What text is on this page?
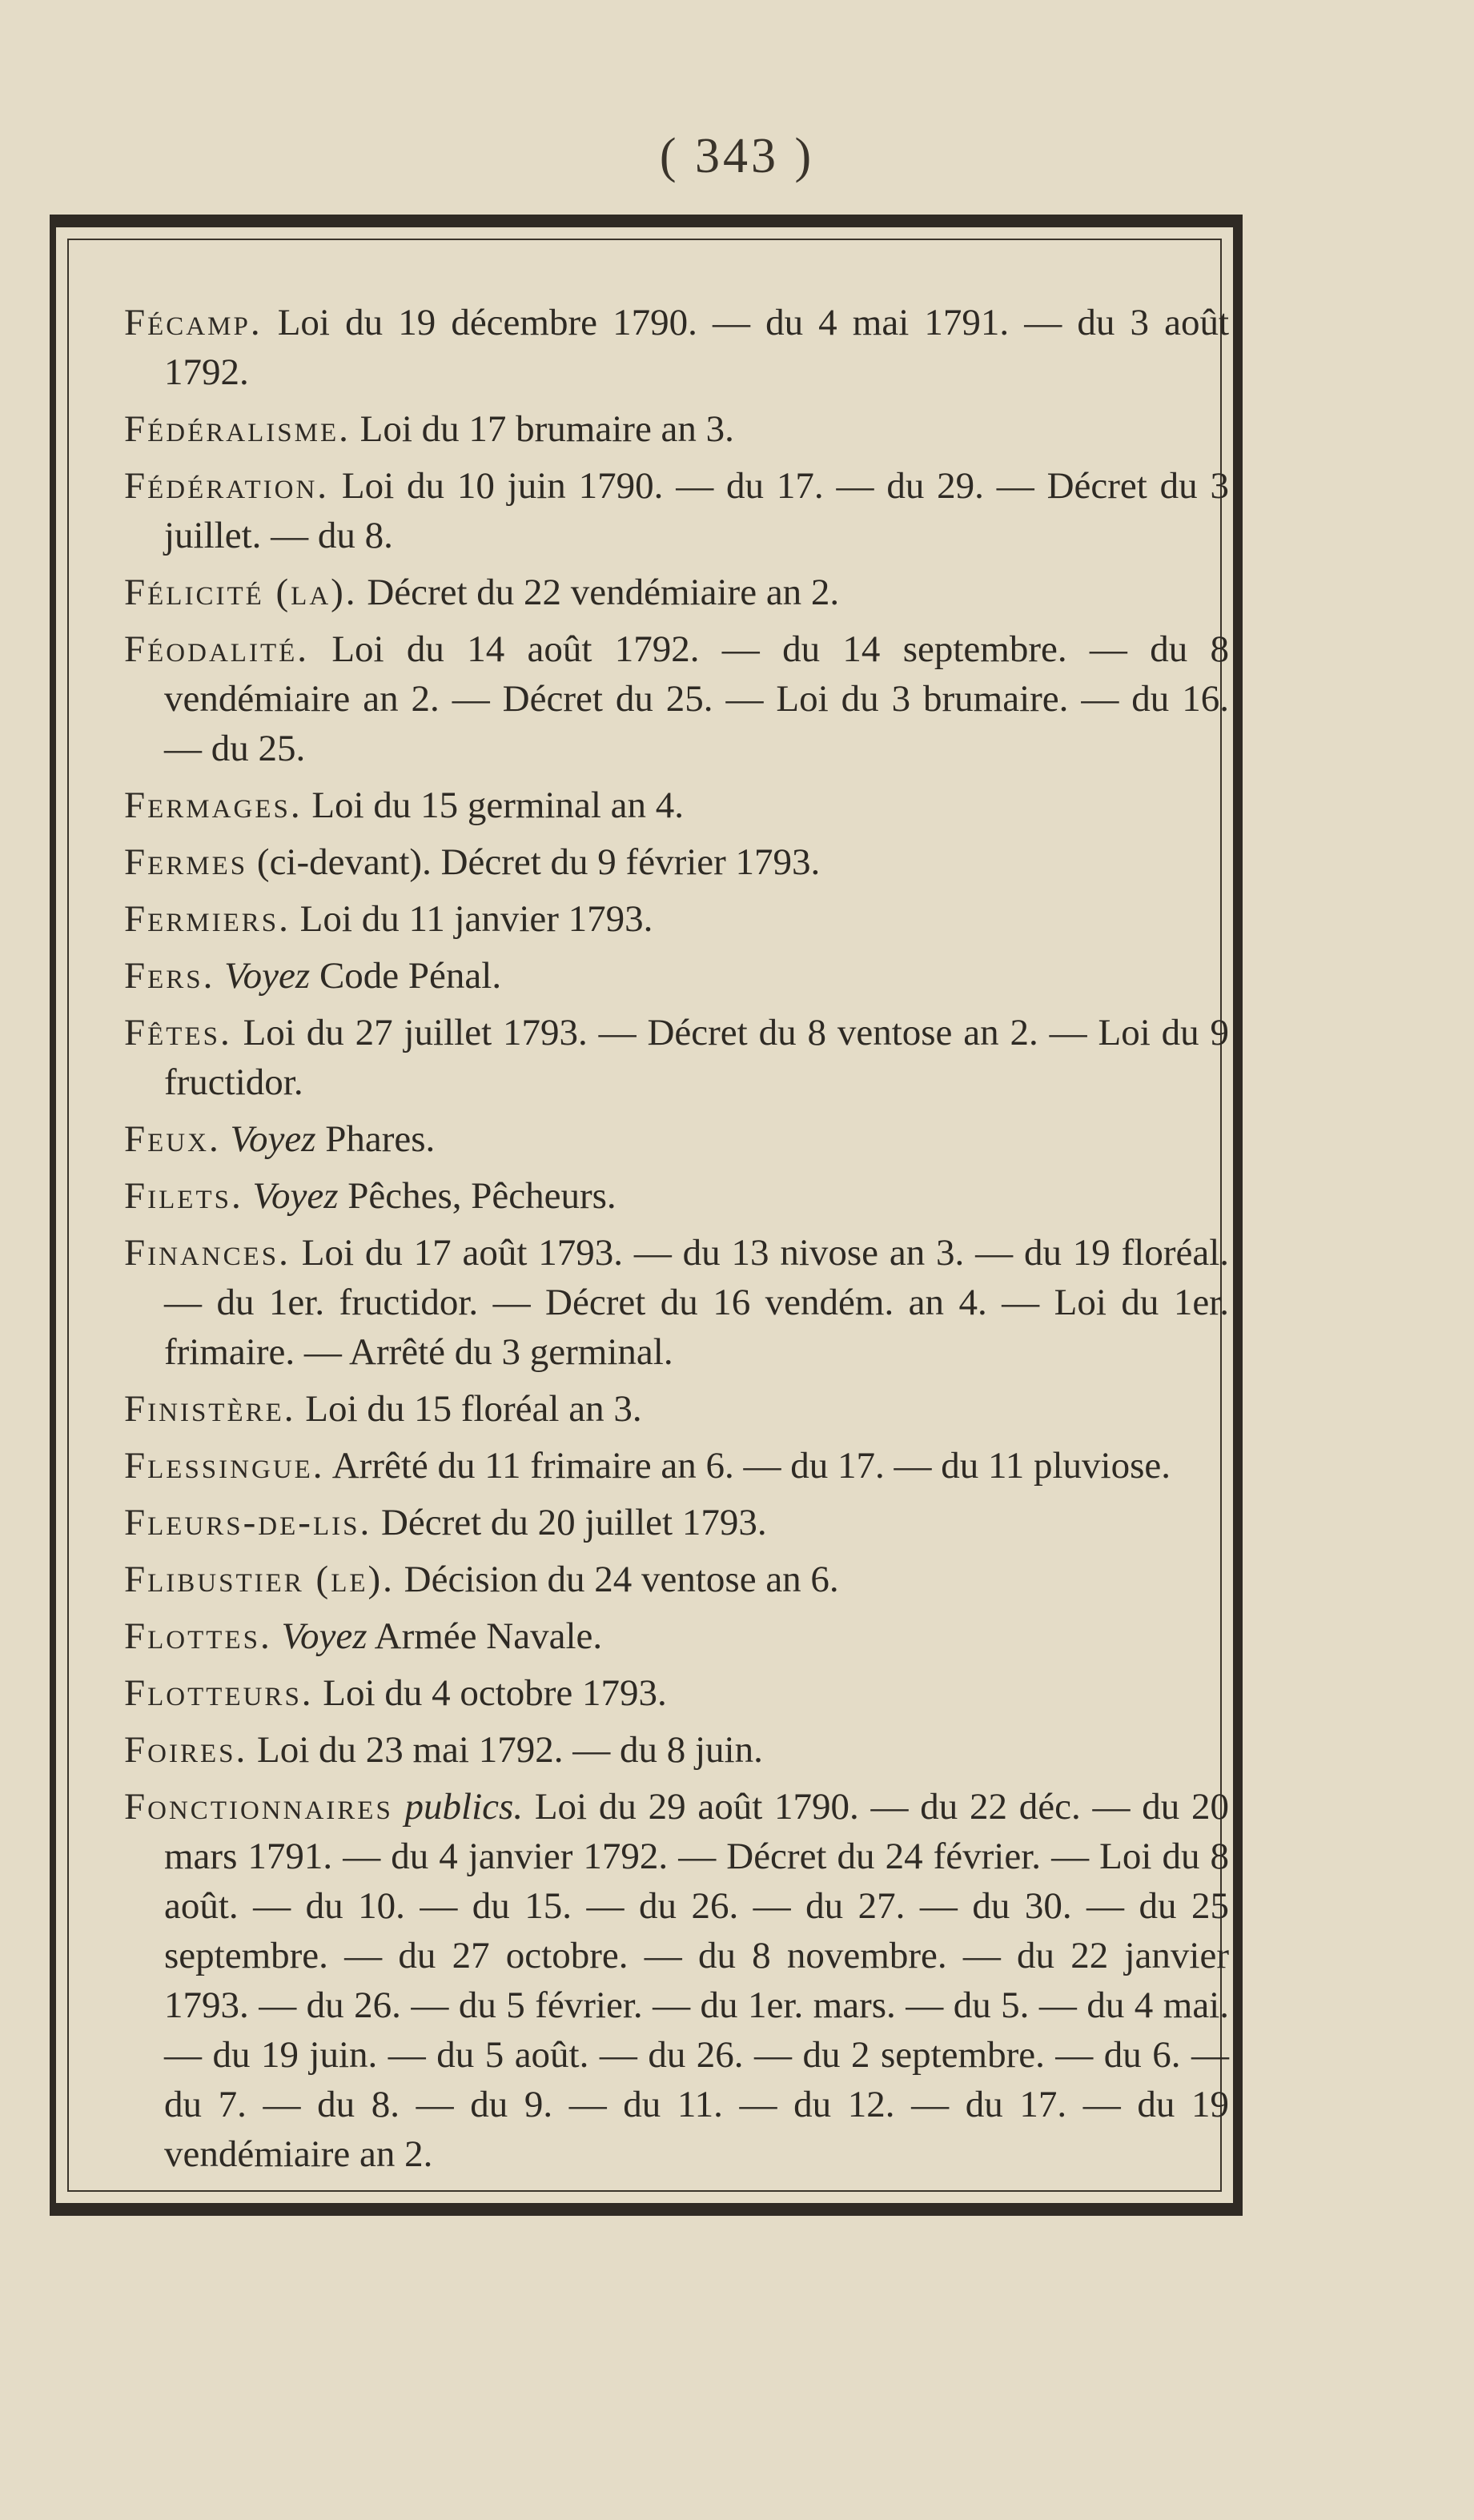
( 343 )

Fécamp. Loi du 19 décembre 1790. — du 4 mai 1791. — du 3 août 1792.

Fédéralisme. Loi du 17 brumaire an 3.

Fédération. Loi du 10 juin 1790. — du 17. — du 29. — Décret du 3 juillet. — du 8.

Félicité (la). Décret du 22 vendémiaire an 2.

Féodalité. Loi du 14 août 1792. — du 14 septembre. — du 8 vendémiaire an 2. — Décret du 25. — Loi du 3 brumaire. — du 16. — du 25.

Fermages. Loi du 15 germinal an 4.

Fermes (ci-devant). Décret du 9 février 1793.

Fermiers. Loi du 11 janvier 1793.

Fers. Voyez Code Pénal.

Fêtes. Loi du 27 juillet 1793. — Décret du 8 ventose an 2. — Loi du 9 fructidor.

Feux. Voyez Phares.

Filets. Voyez Pêches, Pêcheurs.

Finances. Loi du 17 août 1793. — du 13 nivose an 3. — du 19 floréal. — du 1er. fructidor. — Décret du 16 vendém. an 4. — Loi du 1er. frimaire. — Arrêté du 3 germinal.

Finistère. Loi du 15 floréal an 3.

Flessingue. Arrêté du 11 frimaire an 6. — du 17. — du 11 pluviose.

Fleurs-de-lis. Décret du 20 juillet 1793.

Flibustier (le). Décision du 24 ventose an 6.

Flottes. Voyez Armée Navale.

Flotteurs. Loi du 4 octobre 1793.

Foires. Loi du 23 mai 1792. — du 8 juin.

Fonctionnaires publics. Loi du 29 août 1790. — du 22 déc. — du 20 mars 1791. — du 4 janvier 1792. — Décret du 24 février. — Loi du 8 août. — du 10. — du 15. — du 26. — du 27. — du 30. — du 25 septembre. — du 27 octobre. — du 8 novembre. — du 22 janvier 1793. — du 26. — du 5 février. — du 1er. mars. — du 5. — du 4 mai. — du 19 juin. — du 5 août. — du 26. — du 2 septembre. — du 6. — du 7. — du 8. — du 9. — du 11. — du 12. — du 17. — du 19 vendémiaire an 2.
